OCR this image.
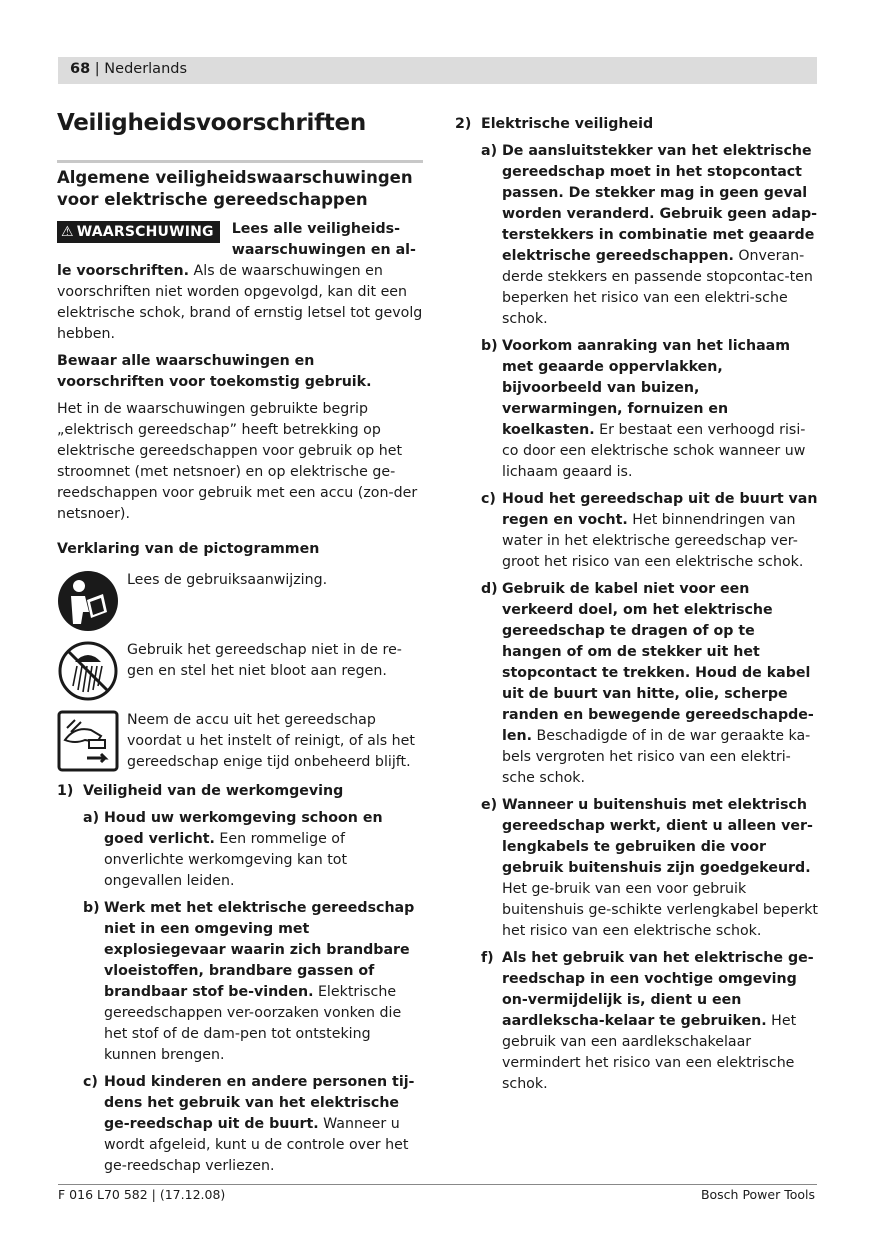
68 | Nederlands
Veiligheidsvoorschriften
Algemene veiligheidswaarschuwingen voor elektrische gereedschappen
⚠ WAARSCHUWING	Lees alle veiligheids-waarschuwingen en al-le voorschriften. Als de waarschuwingen en voorschriften niet worden opgevolgd, kan dit een elektrische schok, brand of ernstig letsel tot gevolg hebben.

Bewaar alle waarschuwingen en voorschriften voor toekomstig gebruik.

Het in de waarschuwingen gebruikte begrip „elektrisch gereedschap” heeft betrekking op elektrische gereedschappen voor gebruik op het stroomnet (met netsnoer) en op elektrische ge-reedschappen voor gebruik met een accu (zon-der netsnoer).

Verklaring van de pictogrammen

Lees de gebruiksaanwijzing.
Gebruik het gereedschap niet in de re-gen en stel het niet bloot aan regen.
Neem de accu uit het gereedschap voordat u het instelt of reinigt, of als het gereedschap enige tijd onbeheerd blijft.
1) Veiligheid van de werkomgeving
a) Houd uw werkomgeving schoon en goed verlicht. Een rommelige of onverlichte werkomgeving kan tot ongevallen leiden.
b) Werk met het elektrische gereedschap niet in een omgeving met explosiegevaar waarin zich brandbare vloeistoffen, brandbare gassen of brandbaar stof be-vinden. Elektrische gereedschappen ver-oorzaken vonken die het stof of de dam-pen tot ontsteking kunnen brengen.
c) Houd kinderen en andere personen tij-dens het gebruik van het elektrische ge-reedschap uit de buurt. Wanneer u wordt afgeleid, kunt u de controle over het ge-reedschap verliezen.
2) Elektrische veiligheid
a) De aansluitstekker van het elektrische gereedschap moet in het stopcontact passen. De stekker mag in geen geval worden veranderd. Gebruik geen adap-terstekkers in combinatie met geaarde elektrische gereedschappen. Onveran-derde stekkers en passende stopcontac-ten beperken het risico van een elektri-sche schok.
b) Voorkom aanraking van het lichaam met geaarde oppervlakken, bijvoorbeeld van buizen, verwarmingen, fornuizen en koelkasten. Er bestaat een verhoogd risi-co door een elektrische schok wanneer uw lichaam geaard is.
c) Houd het gereedschap uit de buurt van regen en vocht. Het binnendringen van water in het elektrische gereedschap ver-groot het risico van een elektrische schok.
d) Gebruik de kabel niet voor een verkeerd doel, om het elektrische gereedschap te dragen of op te hangen of om de stekker uit het stopcontact te trekken. Houd de kabel uit de buurt van hitte, olie, scherpe randen en bewegende gereedschapde-len. Beschadigde of in de war geraakte ka-bels vergroten het risico van een elektri-sche schok.
e) Wanneer u buitenshuis met elektrisch gereedschap werkt, dient u alleen ver-lengkabels te gebruiken die voor gebruik buitenshuis zijn goedgekeurd. Het ge-bruik van een voor gebruik buitenshuis ge-schikte verlengkabel beperkt het risico van een elektrische schok.
f) Als het gebruik van het elektrische ge-reedschap in een vochtige omgeving on-vermijdelijk is, dient u een aardlekscha-kelaar te gebruiken. Het gebruik van een aardlekschakelaar vermindert het risico van een elektrische schok.
F 016 L70 582 | (17.12.08)	Bosch Power Tools
